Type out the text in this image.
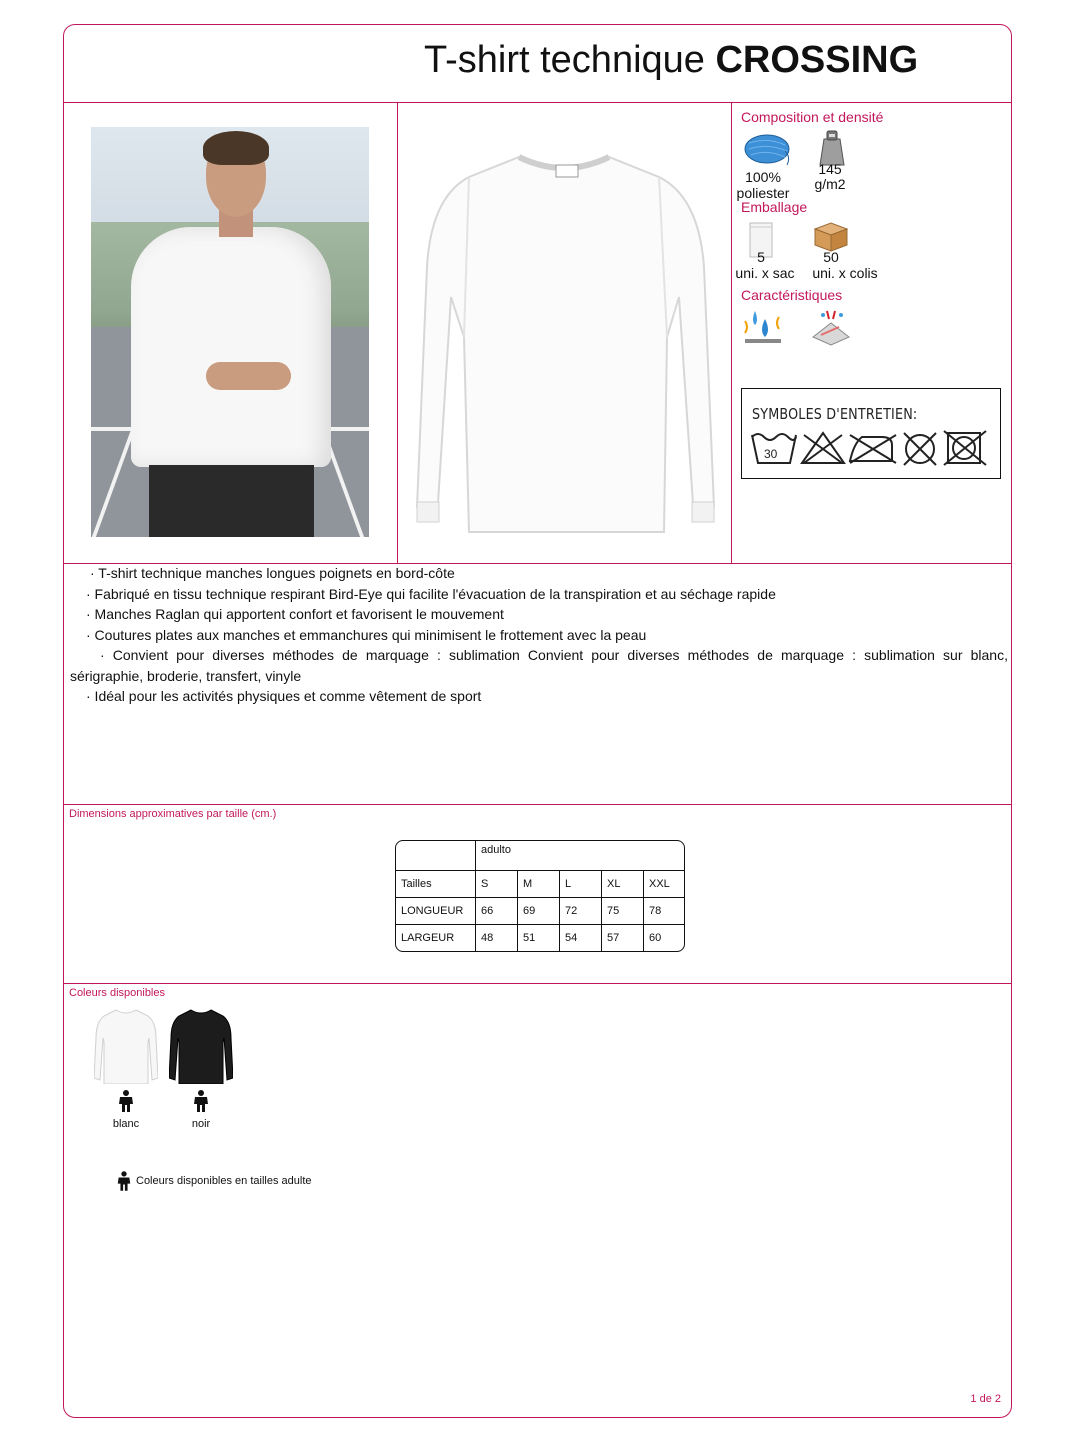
T-shirt technique CROSSING
Composition et densité
100%
poliester
145
g/m2
Emballage
5
uni. x sac
50
uni. x colis
Caractéristiques
SYMBOLES D'ENTRETIEN:
30

· T-shirt technique manches longues poignets en bord-côte

· Fabriqué en tissu technique respirant Bird-Eye qui facilite l'évacuation de la transpiration et au séchage rapide

· Manches Raglan qui apportent confort et favorisent le mouvement

· Coutures plates aux manches et emmanchures qui minimisent le frottement avec la peau

· Convient pour diverses méthodes de marquage : sublimation Convient pour diverses méthodes de marquage : sublimation sur blanc, sérigraphie, broderie, transfert, vinyle

· Idéal pour les activités physiques et comme vêtement de sport

Dimensions approximatives par taille (cm.)
	adulto				
Tailles	S	M	L	XL	XXL
LONGUEUR	66	69	72	75	78
LARGEUR	48	51	54	57	60
Coleurs disponibles
blanc	noir
Coleurs disponibles en tailles adulte
1 de 2
